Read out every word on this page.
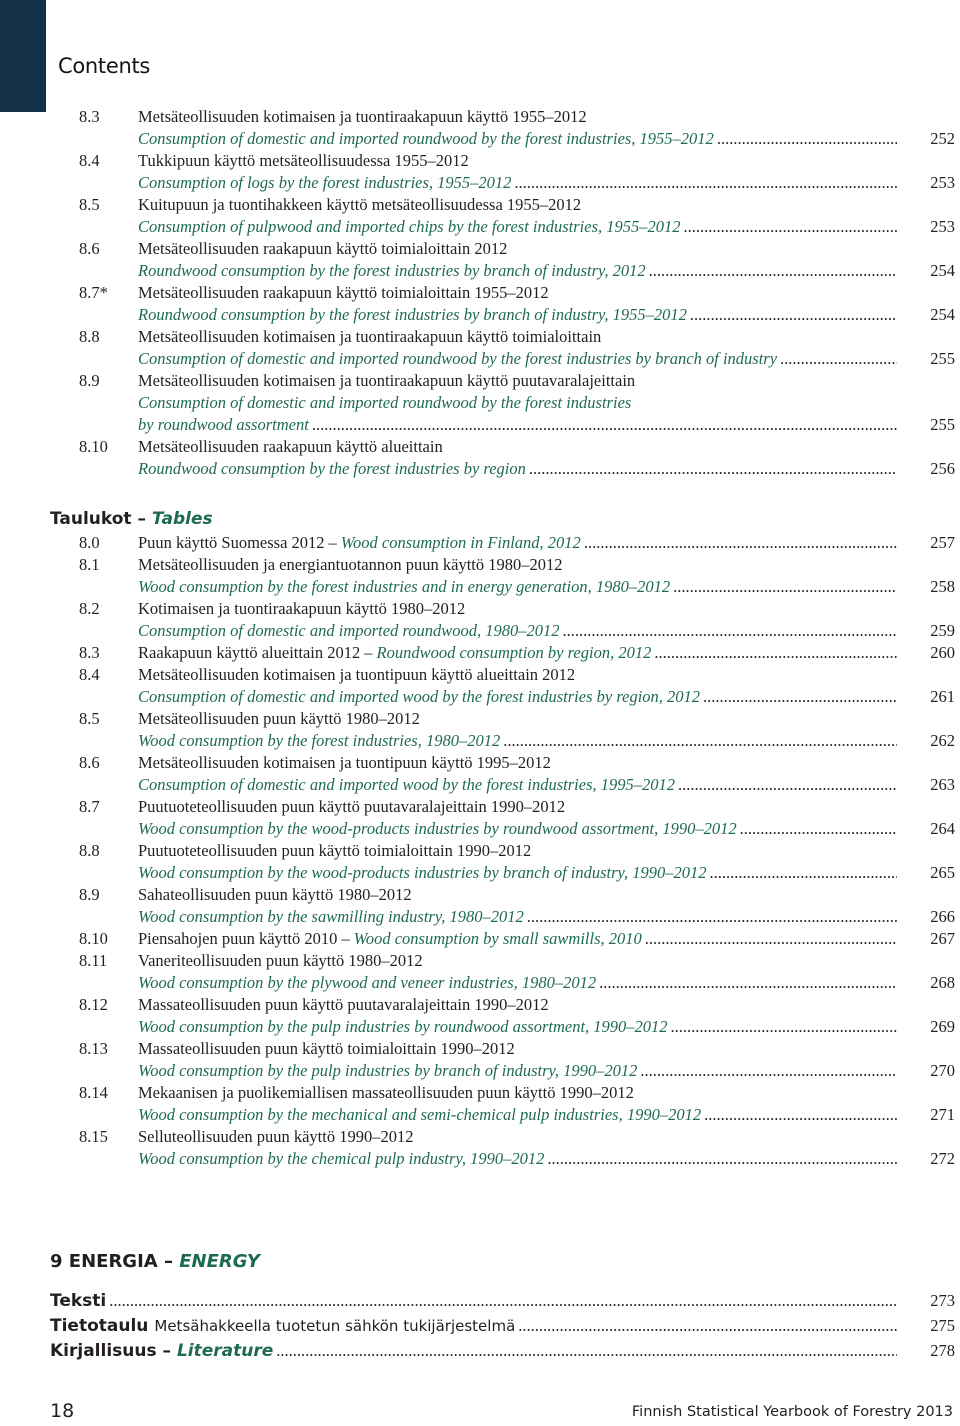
Contents
8.3 Metsäteollisuuden kotimaisen ja tuontiraakapuun käyttö 1955–2012
Consumption of domestic and imported roundwood by the forest industries, 1955–2012 .....	252
8.4 Tukkipuun käyttö metsäteollisuudessa 1955–2012
Consumption of logs by the forest industries, 1955–2012 .....	253
8.5 Kuitupuun ja tuontihakkeen käyttö metsäteollisuudessa 1955–2012
Consumption of pulpwood and imported chips by the forest industries, 1955–2012 .....	253
8.6 Metsäteollisuuden raakapuun käyttö toimialoittain 2012
Roundwood consumption by the forest industries by branch of industry, 2012 .....	254
8.7* Metsäteollisuuden raakapuun käyttö toimialoittain 1955–2012
Roundwood consumption by the forest industries by branch of industry, 1955–2012 .....	254
8.8 Metsäteollisuuden kotimaisen ja tuontiraakapuun käyttö toimialoittain
Consumption of domestic and imported roundwood by the forest industries by branch of industry .....	255
8.9 Metsäteollisuuden kotimaisen ja tuontiraakapuun käyttö puutavaralajeittain
Consumption of domestic and imported roundwood by the forest industries
by roundwood assortment .....	255
8.10 Metsäteollisuuden raakapuun käyttö alueittain
Roundwood consumption by the forest industries by region .....	256
Taulukot – Tables
8.0 Puun käyttö Suomessa 2012 – Wood consumption in Finland, 2012 .....	257
8.1 Metsäteollisuuden ja energiantuotannon puun käyttö 1980–2012
Wood consumption by the forest industries and in energy generation, 1980–2012 .....	258
8.2 Kotimaisen ja tuontiraakapuun käyttö 1980–2012
Consumption of domestic and imported roundwood, 1980–2012 .....	259
8.3 Raakapuun käyttö alueittain 2012 – Roundwood consumption by region, 2012 .....	260
8.4 Metsäteollisuuden kotimaisen ja tuontipuun käyttö alueittain 2012
Consumption of domestic and imported wood by the forest industries by region, 2012 .....	261
8.5 Metsäteollisuuden puun käyttö 1980–2012
Wood consumption by the forest industries, 1980–2012 .....	262
8.6 Metsäteollisuuden kotimaisen ja tuontipuun käyttö 1995–2012
Consumption of domestic and imported wood by the forest industries, 1995–2012 .....	263
8.7 Puutuoteteollisuuden puun käyttö puutavaralajeittain 1990–2012
Wood consumption by the wood-products industries by roundwood assortment, 1990–2012 .....	264
8.8 Puutuoteteollisuuden puun käyttö toimialoittain 1990–2012
Wood consumption by the wood-products industries by branch of industry, 1990–2012 .....	265
8.9 Sahateollisuuden puun käyttö 1980–2012
Wood consumption by the sawmilling industry, 1980–2012 .....	266
8.10 Piensahojen puun käyttö 2010 – Wood consumption by small sawmills, 2010 .....	267
8.11 Vaneriteollisuuden puun käyttö 1980–2012
Wood consumption by the plywood and veneer industries, 1980–2012 .....	268
8.12 Massateollisuuden puun käyttö puutavaralajeittain 1990–2012
Wood consumption by the pulp industries by roundwood assortment, 1990–2012 .....	269
8.13 Massateollisuuden puun käyttö toimialoittain 1990–2012
Wood consumption by the pulp industries by branch of industry, 1990–2012 .....	270
8.14 Mekaanisen ja puolikemiallisen massateollisuuden puun käyttö 1990–2012
Wood consumption by the mechanical and semi-chemical pulp industries, 1990–2012 .....	271
8.15 Selluteollisuuden puun käyttö 1990–2012
Wood consumption by the chemical pulp industry, 1990–2012 .....	272
9 ENERGIA – ENERGY
Teksti .....	273
Tietotaulu Metsähakkeella tuotetun sähkön tukijärjestelmä .....	275
Kirjallisuus – Literature .....	278
18	Finnish Statistical Yearbook of Forestry 2013
